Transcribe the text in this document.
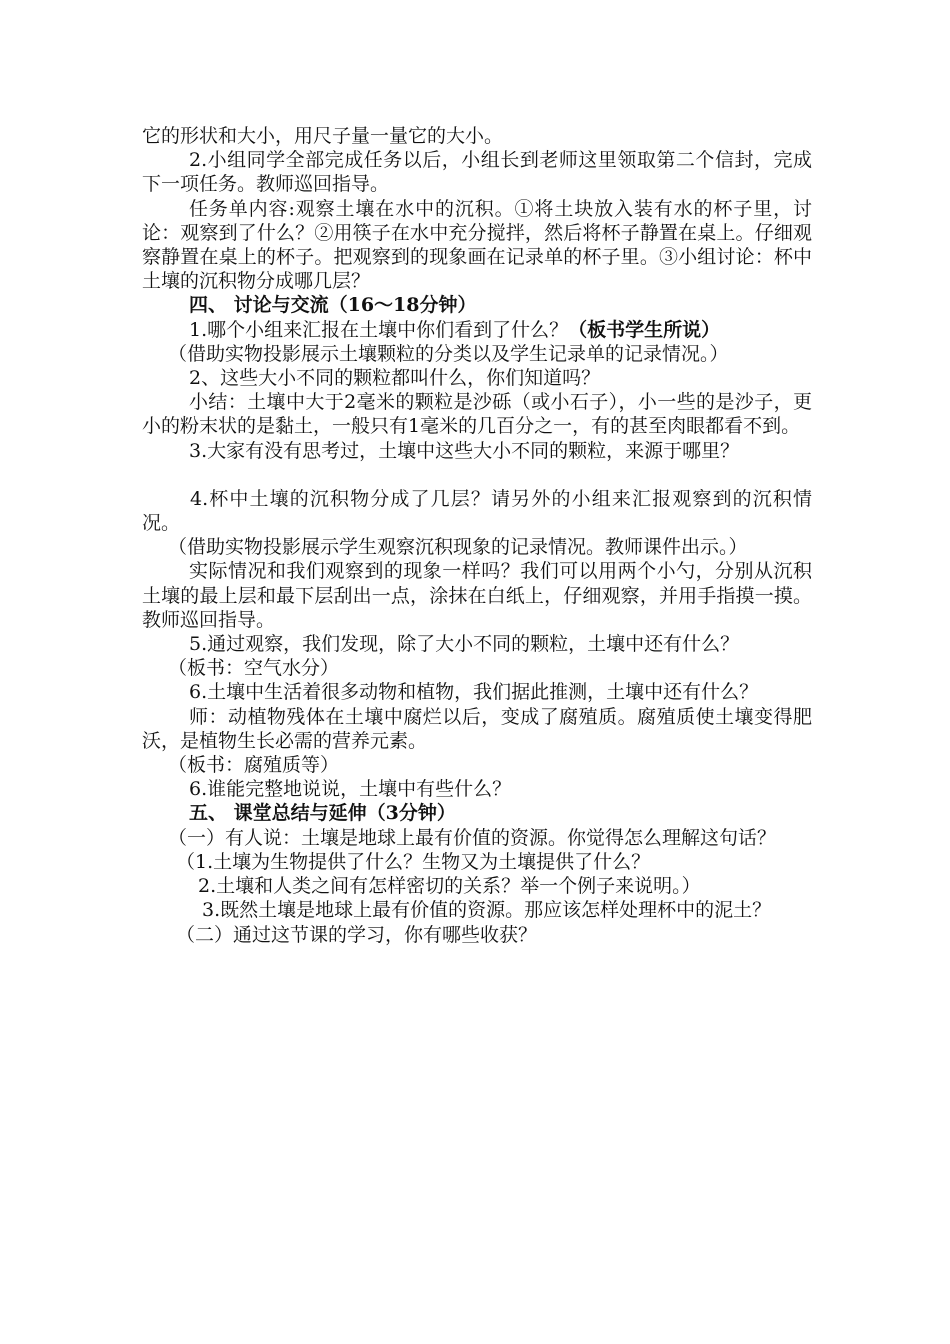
它的形状和大小，用尺子量一量它的大小。

2.小组同学全部完成任务以后，小组长到老师这里领取第二个信封，完成下一项任务。教师巡回指导。

任务单内容:观察土壤在水中的沉积。①将土块放入装有水的杯子里，讨论：观察到了什么？②用筷子在水中充分搅拌，然后将杯子静置在桌上。仔细观察静置在桌上的杯子。把观察到的现象画在记录单的杯子里。③小组讨论：杯中土壤的沉积物分成哪几层？

四、 讨论与交流（16～18分钟）

1.哪个小组来汇报在土壤中你们看到了什么？（板书学生所说）

（借助实物投影展示土壤颗粒的分类以及学生记录单的记录情况。）

2、这些大小不同的颗粒都叫什么，你们知道吗？

小结：土壤中大于2毫米的颗粒是沙砾（或小石子），小一些的是沙子，更小的粉末状的是黏土，一般只有1毫米的几百分之一，有的甚至肉眼都看不到。

3.大家有没有思考过，土壤中这些大小不同的颗粒，来源于哪里？

4.杯中土壤的沉积物分成了几层？请另外的小组来汇报观察到的沉积情况。

（借助实物投影展示学生观察沉积现象的记录情况。教师课件出示。）

实际情况和我们观察到的现象一样吗？我们可以用两个小勺，分别从沉积土壤的最上层和最下层刮出一点，涂抹在白纸上，仔细观察，并用手指摸一摸。教师巡回指导。

5.通过观察，我们发现，除了大小不同的颗粒，土壤中还有什么？

（板书：空气水分）

6.土壤中生活着很多动物和植物，我们据此推测，土壤中还有什么？

师：动植物残体在土壤中腐烂以后，变成了腐殖质。腐殖质使土壤变得肥沃，是植物生长必需的营养元素。

（板书：腐殖质等）

6.谁能完整地说说，土壤中有些什么？

五、 课堂总结与延伸（3分钟）

（一）有人说：土壤是地球上最有价值的资源。你觉得怎么理解这句话？

（1.土壤为生物提供了什么？生物又为土壤提供了什么？

2.土壤和人类之间有怎样密切的关系？举一个例子来说明。）

3.既然土壤是地球上最有价值的资源。那应该怎样处理杯中的泥土？

（二）通过这节课的学习，你有哪些收获？
